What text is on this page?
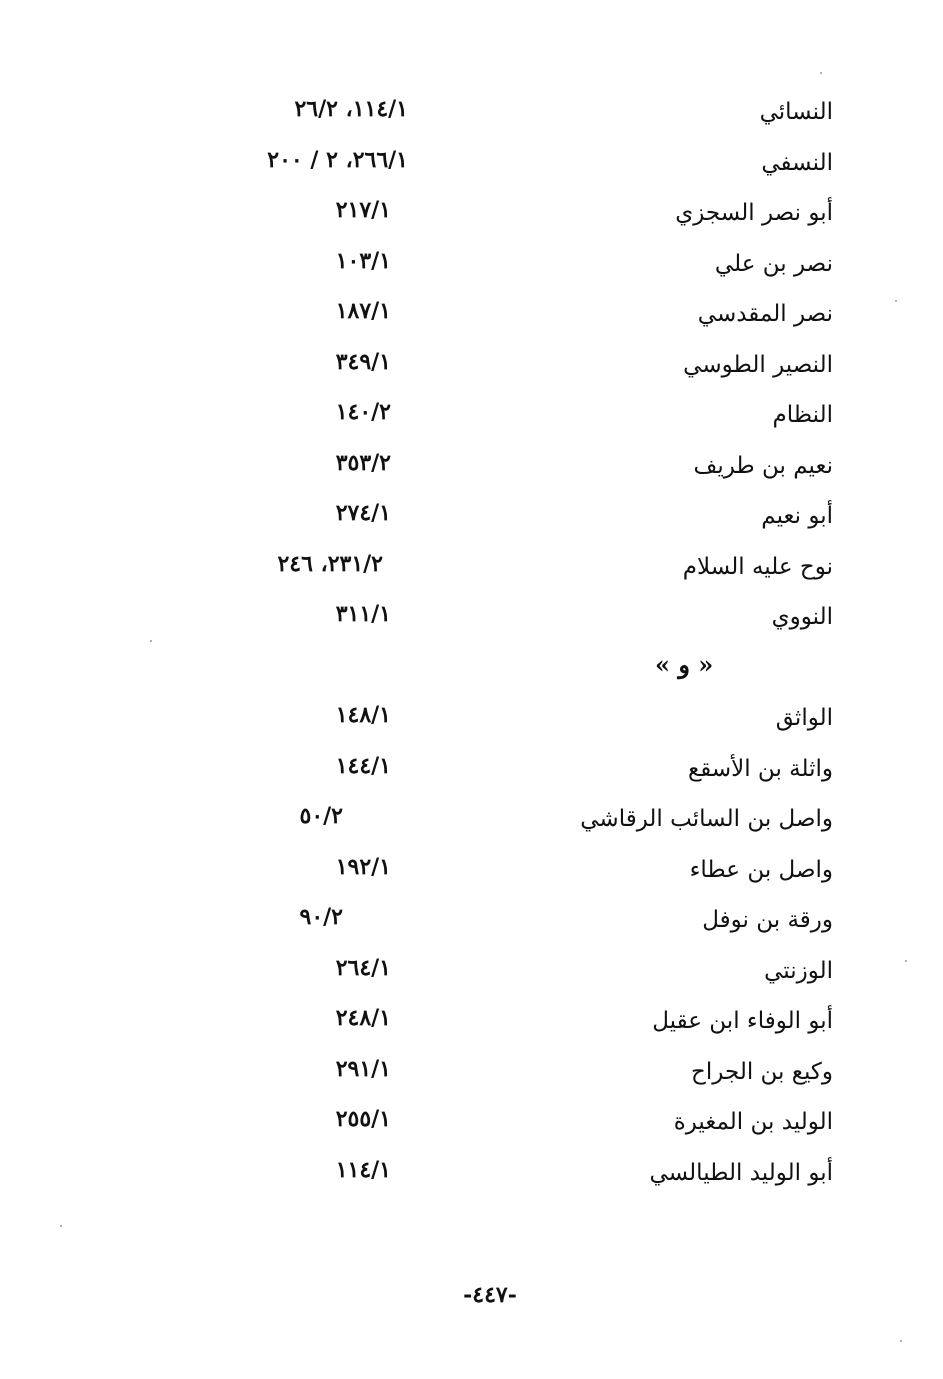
النسائي
١١٤/١، ٢٦/٢
النسفي
٢٦٦/١، ٢ / ٢٠٠
أبو نصر السجزي
٢١٧/١
نصر بن علي
١٠٣/١
نصر المقدسي
١٨٧/١
النصير الطوسي
٣٤٩/١
النظام
١٤٠/٢
نعيم بن طريف
٣٥٣/٢
أبو نعيم
٢٧٤/١
نوح عليه السلام
٢٣١/٢، ٢٤٦
النووي
٣١١/١
« و »
الواثق
١٤٨/١
واثلة بن الأسقع
١٤٤/١
واصل بن السائب الرقاشي
٥٠/٢
واصل بن عطاء
١٩٢/١
ورقة بن نوفل
٩٠/٢
الوزنتي
٢٦٤/١
أبو الوفاء ابن عقيل
٢٤٨/١
وكيع بن الجراح
٢٩١/١
الوليد بن المغيرة
٢٥٥/١
أبو الوليد الطيالسي
١١٤/١
-٤٤٧-
